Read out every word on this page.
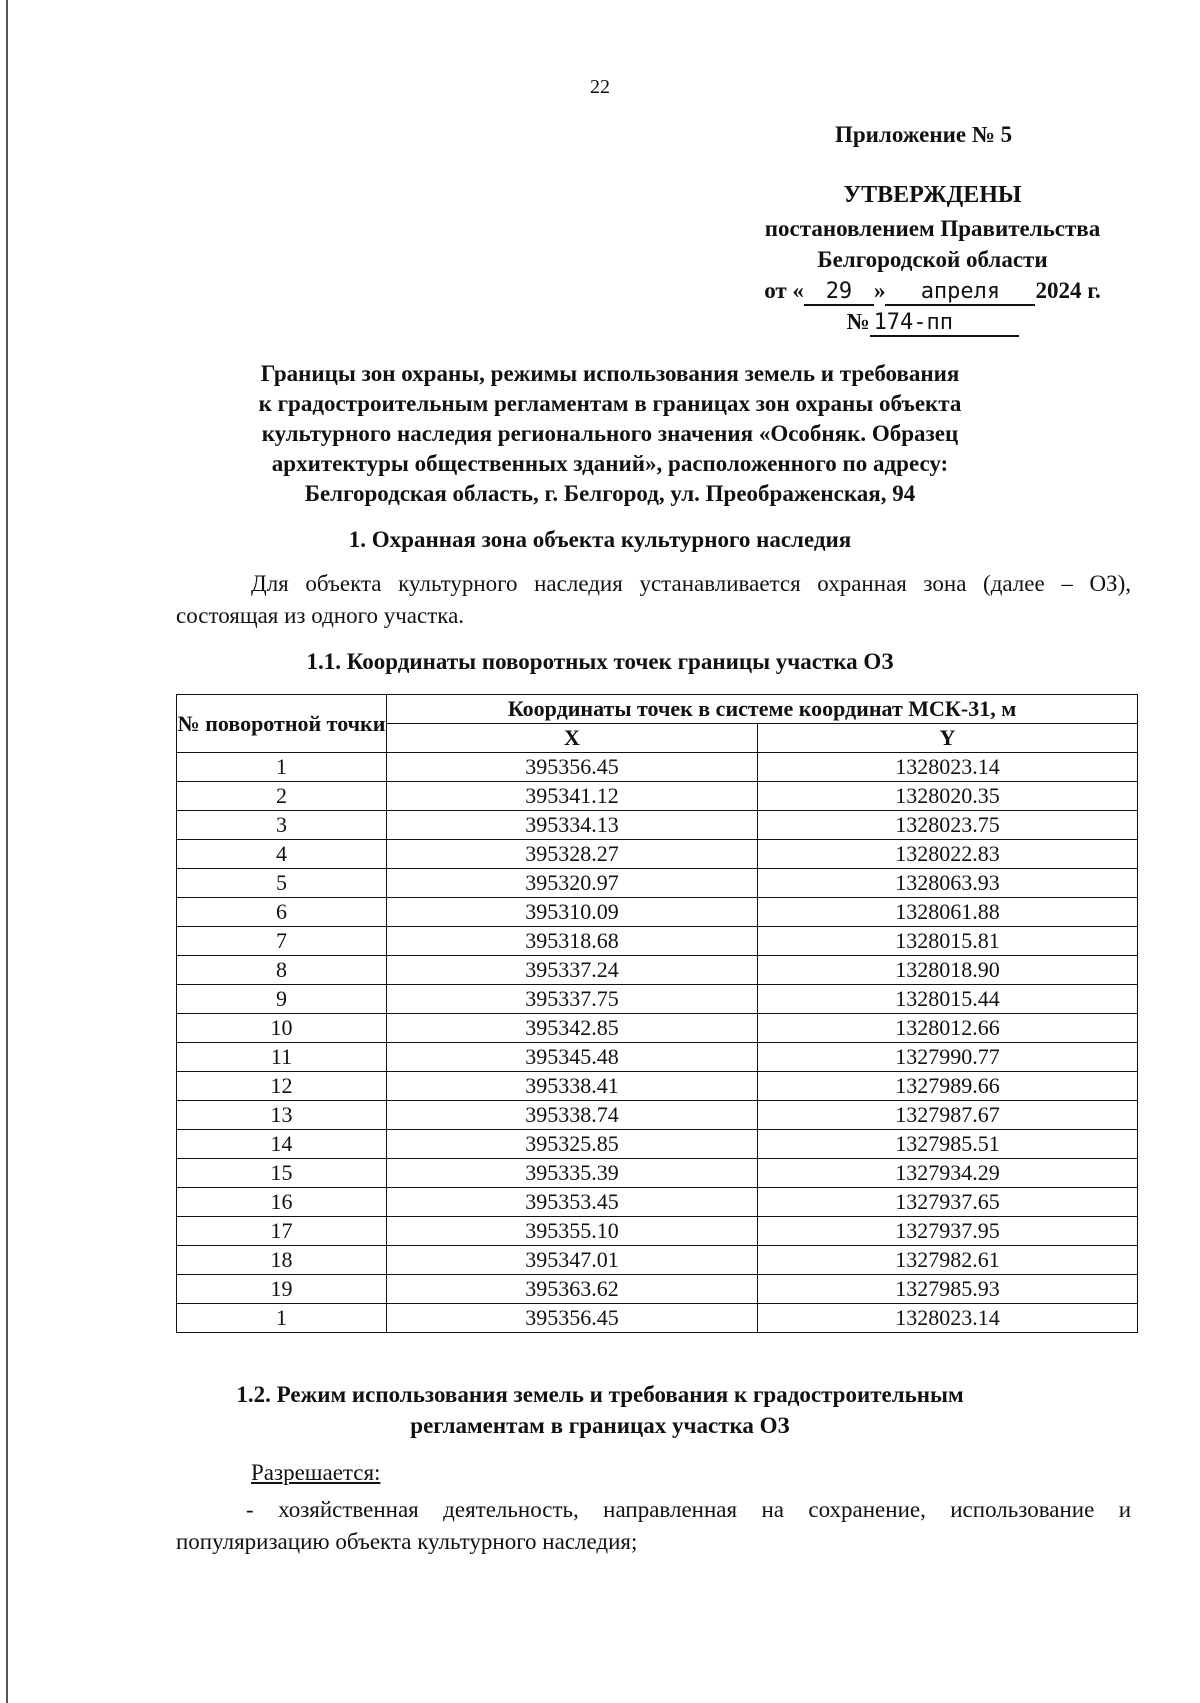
22
Приложение № 5
УТВЕРЖДЕНЫ
постановлением Правительства
Белгородской области
от « 29 » апреля 2024 г.
№ 174-пп
Границы зон охраны, режимы использования земель и требования
к градостроительным регламентам в границах зон охраны объекта
культурного наследия регионального значения «Особняк. Образец
архитектуры общественных зданий», расположенного по адресу:
Белгородская область, г. Белгород, ул. Преображенская, 94
1. Охранная зона объекта культурного наследия
Для объекта культурного наследия устанавливается охранная зона (далее – ОЗ), состоящая из одного участка.
1.1. Координаты поворотных точек границы участка ОЗ
№ поворотной точки	Координаты точек в системе координат МСК-31, м	
	X	Y
1	395356.45	1328023.14
2	395341.12	1328020.35
3	395334.13	1328023.75
4	395328.27	1328022.83
5	395320.97	1328063.93
6	395310.09	1328061.88
7	395318.68	1328015.81
8	395337.24	1328018.90
9	395337.75	1328015.44
10	395342.85	1328012.66
11	395345.48	1327990.77
12	395338.41	1327989.66
13	395338.74	1327987.67
14	395325.85	1327985.51
15	395335.39	1327934.29
16	395353.45	1327937.65
17	395355.10	1327937.95
18	395347.01	1327982.61
19	395363.62	1327985.93
1	395356.45	1328023.14
1.2. Режим использования земель и требования к градостроительным
регламентам в границах участка ОЗ
Разрешается:
- хозяйственная деятельность, направленная на сохранение, использование и популяризацию объекта культурного наследия;
